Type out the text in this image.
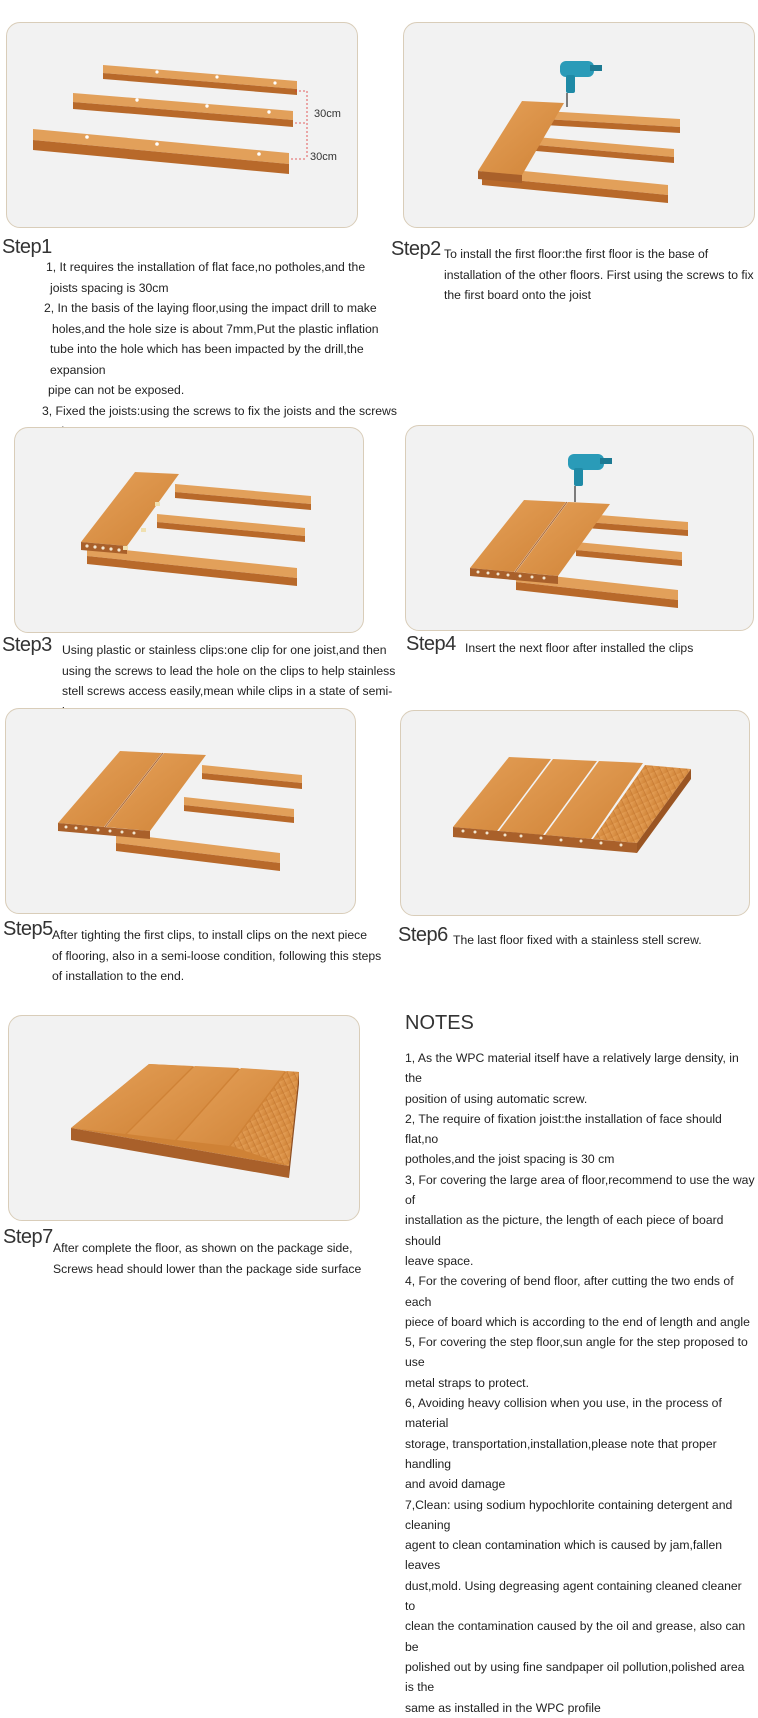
30cm
30cm
Step1

1, It requires the installation of flat face,no potholes,and the

joists spacing is 30cm

2, In the basis of the laying floor,using the impact drill to make

holes,and the hole size is about 7mm,Put the plastic inflation

tube into the hole which has been impacted by the drill,the expansion

pipe can not be exposed.

3, Fixed the joists:using the screws to fix the joists and the screws

Step2 To install the first floor:the first floor is the base of

installation of the other floors. First using the screws to fix

the first board onto the joist

Step3 Using plastic or stainless clips:one clip for one joist,and then

using the screws to lead the hole on the clips to help stainless

stell screws access easily,mean while clips in a state of semi-

Step4 Insert the next floor after installed the clips

Step5 After tighting the first clips, to install clips on the next piece

of flooring, also in a semi-loose condition, following this steps

of installation to the end.

Step6 The last floor fixed with a stainless stell screw.

Step7 After complete the floor, as shown on the package side,

Screws head should lower than the package side surface

NOTES

1, As the WPC material itself have a relatively large density, in the

position of using automatic screw.

2, The require of fixation joist:the installation of face should flat,no

potholes,and the joist spacing is 30 cm

3, For covering the large area of floor,recommend to use the way of

installation as the picture, the length of each piece of board should

leave space.

4, For the covering of bend floor, after cutting the two ends of each

piece of board which is according to the end of length and angle

5, For covering the step floor,sun angle for the step proposed to use

metal straps to protect.

6, Avoiding heavy collision when you use, in the process of material

storage, transportation,installation,please note that proper handling

and avoid damage

7,Clean: using sodium hypochlorite containing detergent and cleaning

agent to clean contamination which is caused by jam,fallen leaves

dust,mold. Using degreasing agent containing cleaned cleaner to

clean the contamination caused by the oil and grease, also can be

polished out by using fine sandpaper oil pollution,polished area is the

same as installed in the WPC profile
